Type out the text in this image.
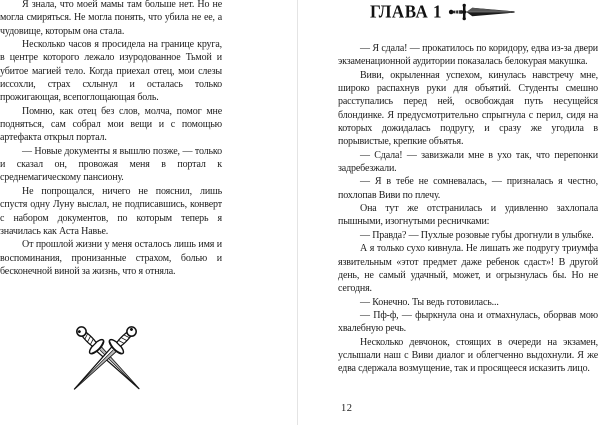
Я знала, что моей мамы там больше нет. Но не могла смиряться. Не могла понять, что убила не ее, а чудовище, которым она стала.

Несколько часов я просидела на границе круга, в центре которого лежало изуродованное Тьмой и убитое магией тело. Когда приехал отец, мои слезы иссохли, страх схлынул и осталась только прожигающая, всепоглощающая боль.

Помню, как отец без слов, молча, помог мне подняться, сам собрал мои вещи и с помощью артефакта открыл портал.

— Новые документы я вышлю позже, — только и сказал он, провожая меня в портал к среднемагическому пансиону.

Не попрощался, ничего не пояснил, лишь спустя одну Луну выслал, не подписавшись, конверт с набором документов, по которым теперь я значилась как Аста Навье.

От прошлой жизни у меня осталось лишь имя и воспоминания, пронизанные страхом, болью и бесконечной виной за жизнь, что я отняла.

ГЛАВА 1

— Я сдала! — прокатилось по коридору, едва из-за двери экзаменационной аудитории показалась белокурая макушка.

Виви, окрыленная успехом, кинулась навстречу мне, широко распахнув руки для объятий. Студенты смешно расступались перед ней, освобождая путь несущейся блондинке. Я предусмотрительно спрыгнула с перил, сидя на которых дожидалась подругу, и сразу же угодила в порывистые, крепкие объятья.

— Сдала! — завизжали мне в ухо так, что перепонки задребезжали.

— Я в тебе не сомневалась, — призналась я честно, похлопав Виви по плечу.

Она тут же отстранилась и удивленно захлопала пышными, изогнутыми ресничками:

— Правда? — Пухлые розовые губы дрогнули в улыбке.

А я только сухо кивнула. Не лишать же подругу триумфа язвительным «этот предмет даже ребенок сдаст»! В другой день, не самый удачный, может, и огрызнулась бы. Но не сегодня.

— Конечно. Ты ведь готовилась...

— Пф-ф, — фыркнула она и отмахнулась, оборвав мою хвалебную речь.

Несколько девчонок, стоящих в очереди на экзамен, услышали наш с Виви диалог и облегченно выдохнули. Я же едва сдержала возмущение, так и просящееся исказить лицо.

12
